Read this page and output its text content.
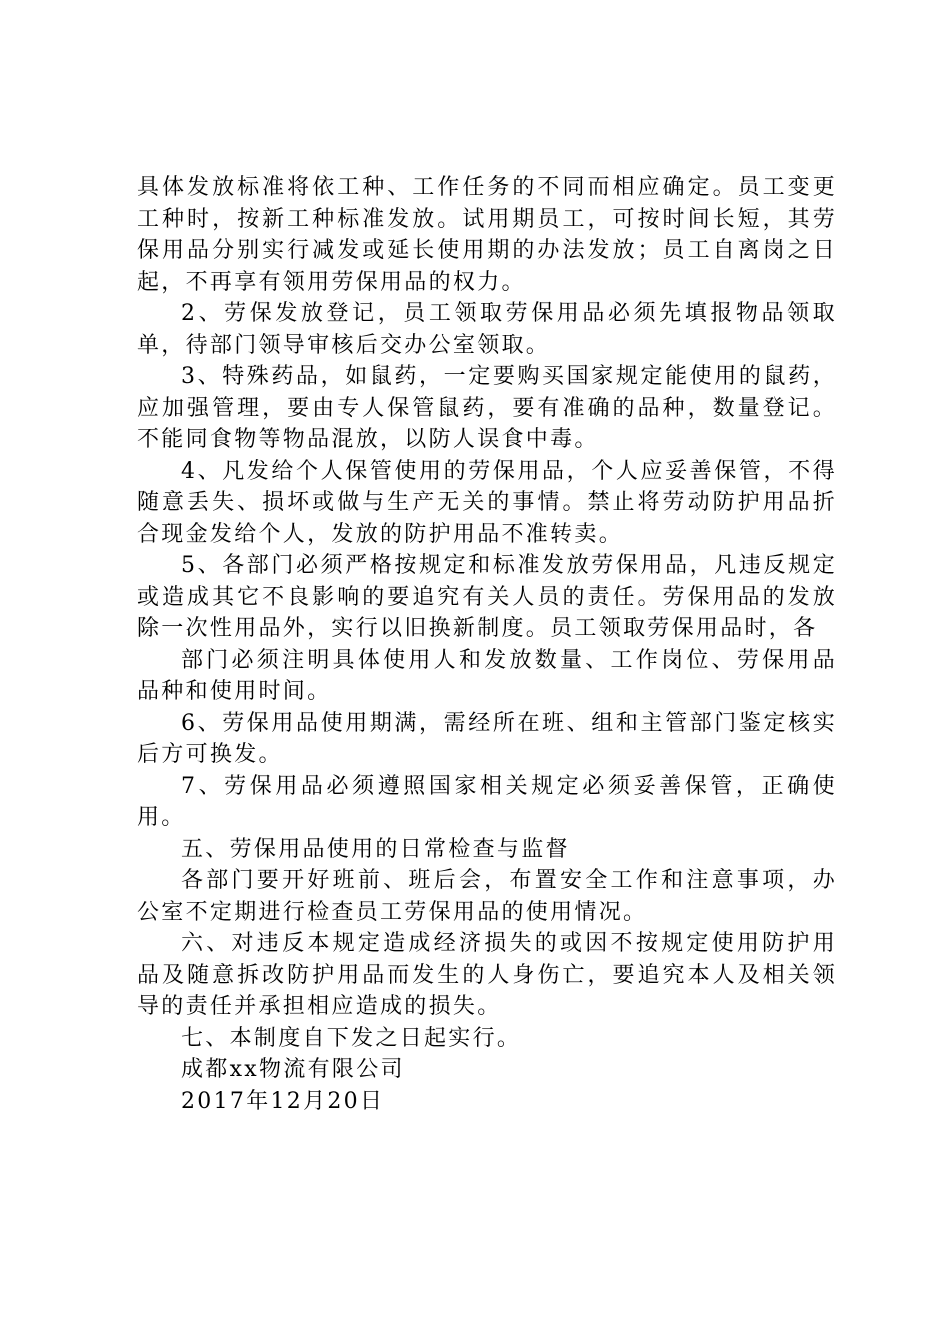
具体发放标准将依工种、工作任务的不同而相应确定。员工变更工种时，按新工种标准发放。试用期员工，可按时间长短，其劳保用品分别实行减发或延长使用期的办法发放；员工自离岗之日起，不再享有领用劳保用品的权力。

2、劳保发放登记，员工领取劳保用品必须先填报物品领取单，待部门领导审核后交办公室领取。

3、特殊药品，如鼠药，一定要购买国家规定能使用的鼠药，应加强管理，要由专人保管鼠药，要有准确的品种，数量登记。不能同食物等物品混放，以防人误食中毒。

4、凡发给个人保管使用的劳保用品，个人应妥善保管，不得随意丢失、损坏或做与生产无关的事情。禁止将劳动防护用品折合现金发给个人，发放的防护用品不准转卖。

5、各部门必须严格按规定和标准发放劳保用品，凡违反规定或造成其它不良影响的要追究有关人员的责任。劳保用品的发放除一次性用品外，实行以旧换新制度。员工领取劳保用品时，各

部门必须注明具体使用人和发放数量、工作岗位、劳保用品品种和使用时间。

6、劳保用品使用期满，需经所在班、组和主管部门鉴定核实后方可换发。

7、劳保用品必须遵照国家相关规定必须妥善保管，正确使用。

五、劳保用品使用的日常检查与监督

各部门要开好班前、班后会，布置安全工作和注意事项，办公室不定期进行检查员工劳保用品的使用情况。

六、对违反本规定造成经济损失的或因不按规定使用防护用品及随意拆改防护用品而发生的人身伤亡，要追究本人及相关领导的责任并承担相应造成的损失。

七、本制度自下发之日起实行。

成都xx物流有限公司

2017年12月20日
